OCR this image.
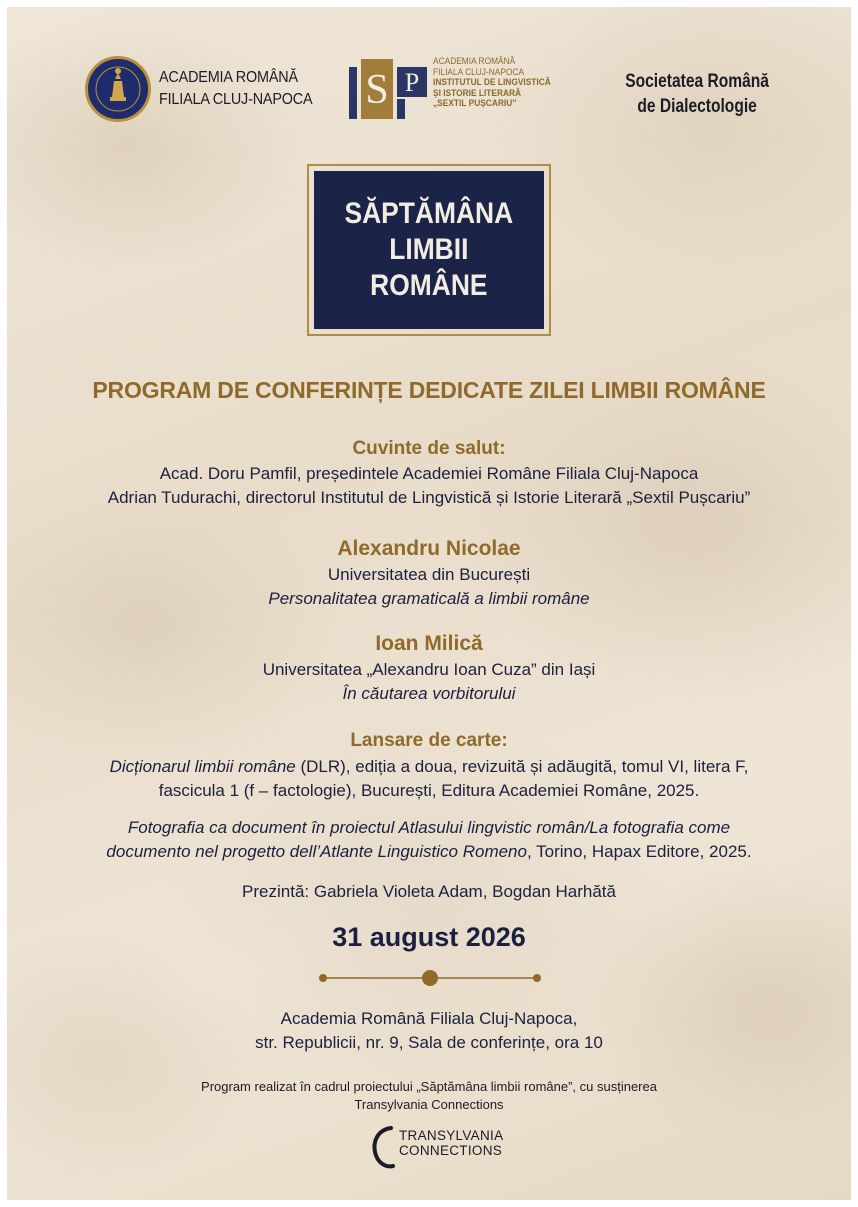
ACADEMIA ROMÂNĂ
FILIALA CLUJ-NAPOCA S P
ACADEMIA ROMÂNĂ
FILIALA CLUJ-NAPOCA
INSTITUTUL DE LINGVISTICĂ
ȘI ISTORIE LITERARĂ
„SEXTIL PUȘCARIU”
Societatea Română
de Dialectologie
SĂPTĂMÂNA
LIMBII
ROMÂNE
PROGRAM DE CONFERINȚE DEDICATE ZILEI LIMBII ROMÂNE
Cuvinte de salut:
Acad. Doru Pamfil, președintele Academiei Române Filiala Cluj-Napoca
Adrian Tudurachi, directorul Institutul de Lingvistică și Istorie Literară „Sextil Pușcariu”
Alexandru Nicolae
Universitatea din București
Personalitatea gramaticală a limbii române
Ioan Milică
Universitatea „Alexandru Ioan Cuza” din Iași
În căutarea vorbitorului
Lansare de carte:
Dicționarul limbii române (DLR), ediția a doua, revizuită și adăugită, tomul VI, litera F,
fascicula 1 (f – factologie), București, Editura Academiei Române, 2025.
Fotografia ca document în proiectul Atlasului lingvistic român/La fotografia come
documento nel progetto dell’Atlante Linguistico Romeno, Torino, Hapax Editore, 2025.
Prezintă: Gabriela Violeta Adam, Bogdan Harhătă
31 august 2026
Academia Română Filiala Cluj-Napoca,
str. Republicii, nr. 9, Sala de conferințe, ora 10
Program realizat în cadrul proiectului „Săptămâna limbii române”, cu susținerea
Transylvania Connections
TRANSYLVANIA
CONNECTIONS
